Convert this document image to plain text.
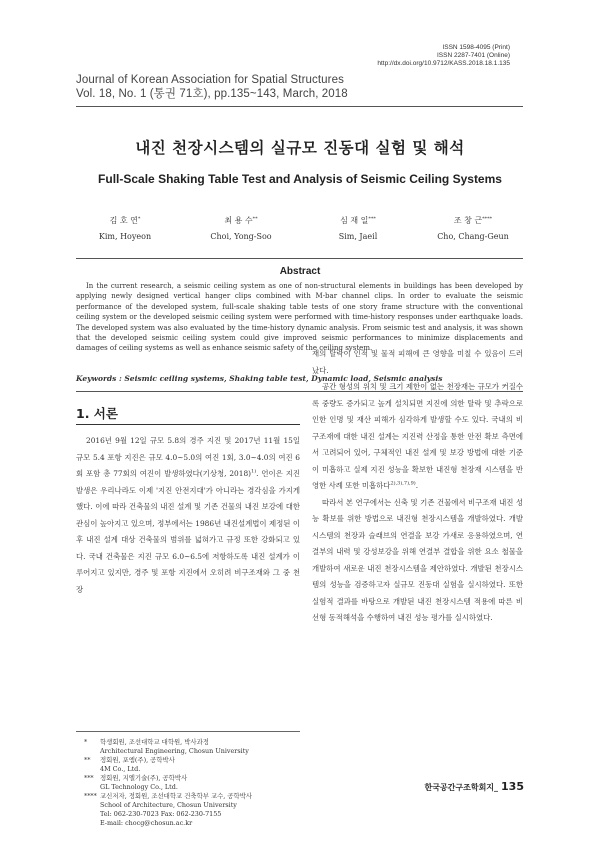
ISSN 1598-4095 (Print)
ISSN 2287-7401 (Online)
http://dx.doi.org/10.9712/KASS.2018.18.1.135
Journal of Korean Association for Spatial Structures
Vol. 18, No. 1 (통권 71호), pp.135~143, March, 2018
내진 천장시스템의 실규모 진동대 실험 및 해석
Full-Scale Shaking Table Test and Analysis of Seismic Ceiling Systems
김 호 연*
Kim, Hoyeon
최 용 수**
Choi, Yong-Soo
심 재 일***
Sim, Jaeil
조 창 근****
Cho, Chang-Geun
Abstract
In the current research, a seismic ceiling system as one of non-structural elements in buildings has been developed by applying newly designed vertical hanger clips combined with M-bar channel clips. In order to evaluate the seismic performance of the developed system, full-scale shaking table tests of one story frame structure with the conventional ceiling system or the developed seismic ceiling system were performed with time-history responses under earthquake loads. The developed system was also evaluated by the time-history dynamic analysis. From seismic test and analysis, it was shown that the developed seismic ceiling system could give improved seismic performances to minimize displacements and damages of ceiling systems as well as enhance seismic safety of the ceiling system.
Keywords : Seismic ceiling systems, Shaking table test, Dynamic load, Seismic analysis
1. 서론

2016년 9월 12일 규모 5.8의 경주 지진 및 2017년 11월 15일 규모 5.4 포항 지진은 규모 4.0~5.0의 여진 1회, 3.0~4.0의 여진 6회 포함 총 77회의 여진이 발생하였다(기상청, 2018)$^{1)}$. 언이은 지진 발생은 우리나라도 이제 '지진 안전지대'가 아니라는 경각심을 가지게 했다. 이에 따라 건축물의 내진 설계 및 기존 건물의 내진 보강에 대한 관심이 높아지고 있으며, 정부에서는 1986년 내진설계법이 제정된 이후 내진 설계 대상 건축물의 범위를 넓혀가고 규정 또한 강화되고 있다. 국내 건축물은 지진 규모 6.0~6.5에 저항하도록 내진 설계가 이루어지고 있지만, 경주 및 포항 지진에서 오히려 비구조재와 그 중 천장

재의 탈락이 인적 및 물적 피해에 큰 영향을 미칠 수 있음이 드러났다.

공간 형성의 위치 및 크기 제한이 없는 천장재는 규모가 커질수록 중량도 증가되고 높게 설치되면 지진에 의한 탈락 및 추락으로 인한 인명 및 재산 피해가 심각하게 발생할 수도 있다. 국내의 비구조재에 대한 내진 설계는 지진력 산정을 통한 안전 확보 측면에서 고려되어 있어, 구체적인 내진 설계 및 보강 방법에 대한 기준이 미흡하고 실제 지진 성능을 확보한 내진형 천장재 시스템을 반영한 사례 또한 미흡하다$^{2),3),7),9)}$.

따라서 본 연구에서는 신축 및 기존 건물에서 비구조재 내진 성능 확보를 위한 방법으로 내진형 천장시스템을 개발하였다. 개발시스템의 천장과 슬래브의 연결을 보강 가새로 응용하였으며, 연결부의 내력 및 강성보강을 위해 연결부 결합을 위한 요소 철물을 개발하여 새로운 내진 천장시스템을 제안하였다. 개발된 천장시스템의 성능을 검증하고자 실규모 진동대 실험을 실시하였다. 또한 실험적 결과를 바탕으로 개발된 내진 천장시스템 적용에 따른 비선형 동적해석을 수행하여 내진 성능 평가를 실시하였다.

*	학생회원, 조선대학교 대학원, 박사과정
Architectural Engineering, Chosun University
**	정회원, 포엠(주), 공학박사
4M Co., Ltd.
***	정회원, 지엘기술(주), 공학박사
GL Technology Co., Ltd.
**** 교신저자, 정회원, 조선대학교 건축학부 교수, 공학박사
School of Architecture, Chosun University
Tel: 062-230-7023 Fax: 062-230-7155
E-mail: chocg@chosun.ac.kr
한국공간구조학회지_ 135
